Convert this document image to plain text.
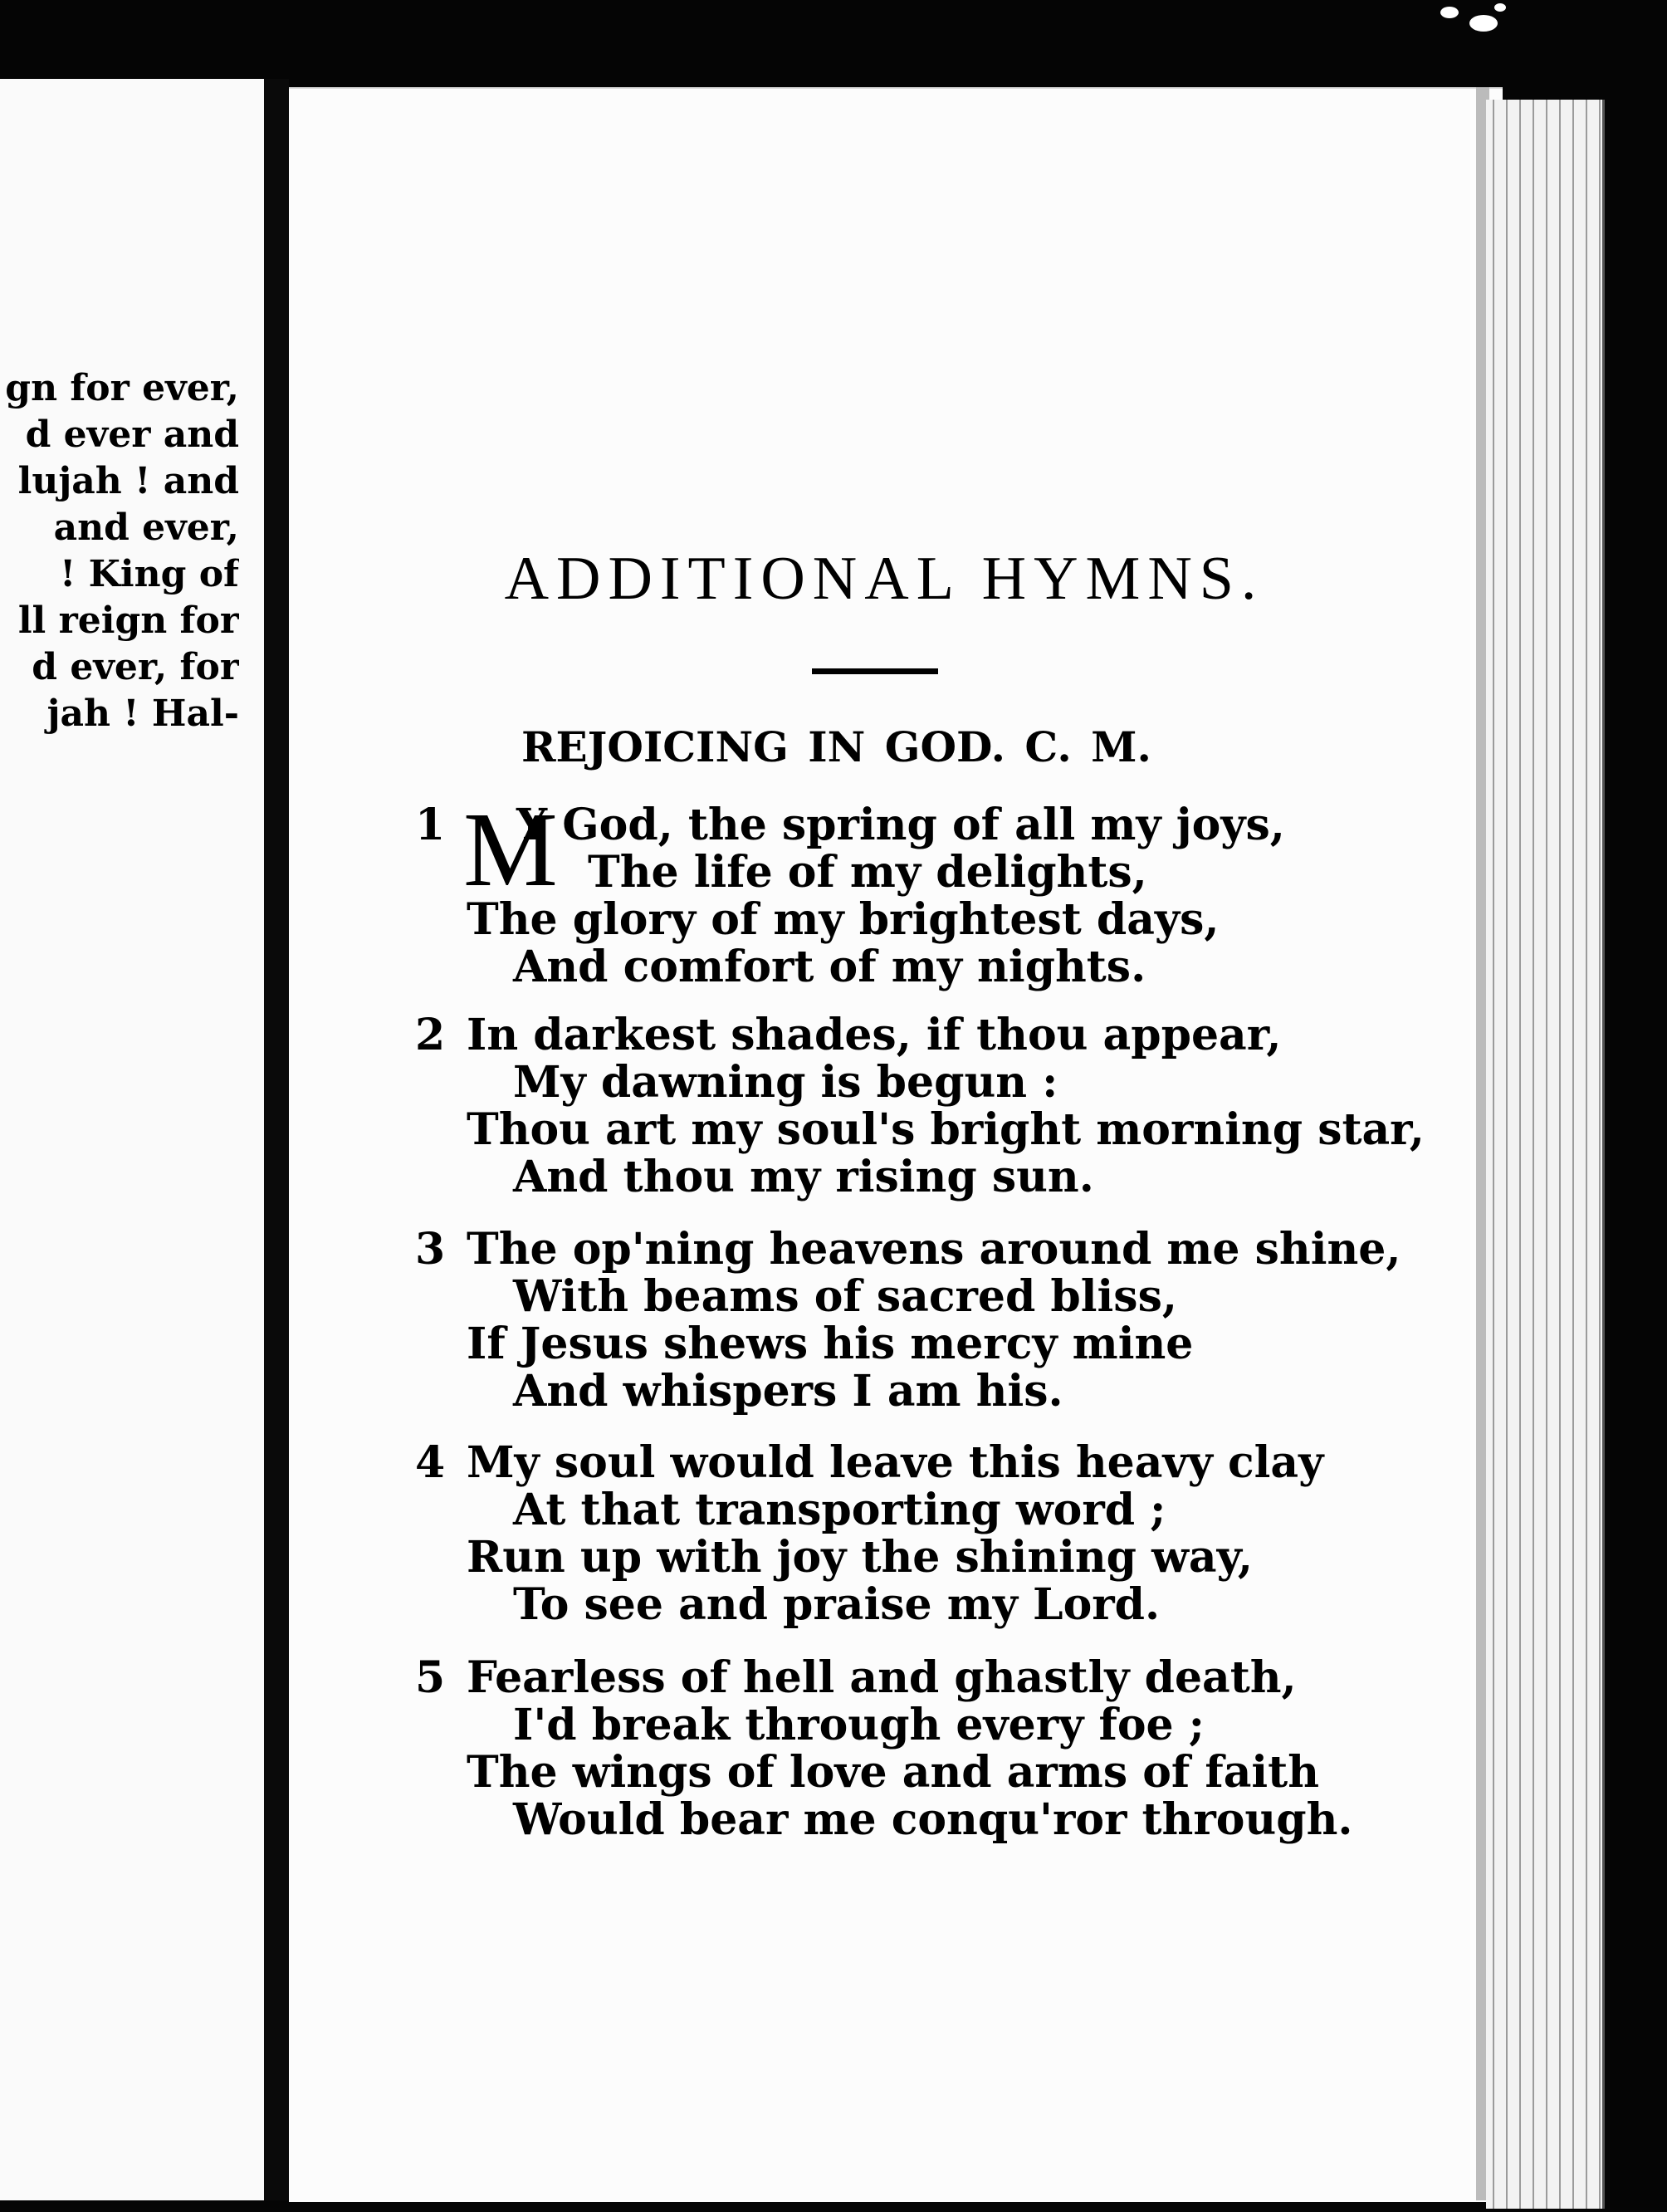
gn for ever,
d ever and
lujah ! and
and ever,
! King of
ll reign for
d ever, for
jah ! Hal-
ADDITIONAL HYMNS.
REJOICING IN GOD. C. M.
1 M
Y God, the spring of all my joys,
The life of my delights,
The glory of my brightest days,
And comfort of my nights.
2 In darkest shades, if thou appear,
My dawning is begun :
Thou art my soul's bright morning star,
And thou my rising sun.
3 The op'ning heavens around me shine,
With beams of sacred bliss,
If Jesus shews his mercy mine
And whispers I am his.
4 My soul would leave this heavy clay
At that transporting word ;
Run up with joy the shining way,
To see and praise my Lord.
5 Fearless of hell and ghastly death,
I'd break through every foe ;
The wings of love and arms of faith
Would bear me conqu'ror through.
